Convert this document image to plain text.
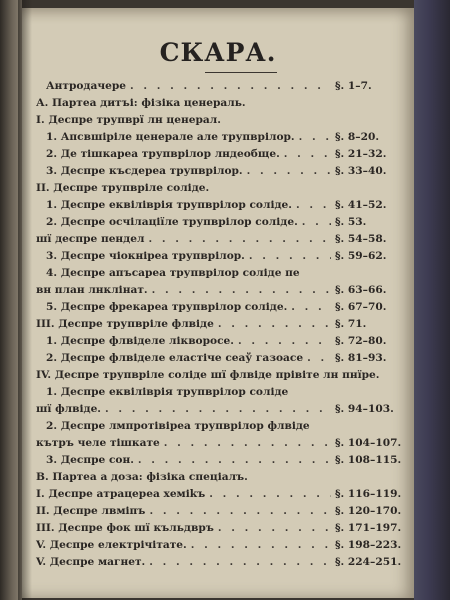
СКАРА.
Антродачере . . .	§. 1–7.
А. Партеа дитъі: фізіка ценераль.
I. Деспре трупврї лн ценерал.
1. Апсвшіріле ценерале але трупврілор. . . .	§. 8–20.
2. Де тішкареа трупврілор лндеобще. . . .	§. 21–32.
3. Деспре късдереа трупврілор. . . .	§. 33–40.
II. Деспре трупвріле соліде.
1. Деспре еквіліврія трупврілор соліде. . . .	§. 41–52.
2. Деспре осчілаціїле трупврілор соліде. . . .	§. 53.
шї деспре пендел . . .	§. 54–58.
3. Деспре чіокніреа трупврілор. . . .	§. 59–62.
4. Деспре апъсареа трупврілор соліде пе
вн план лнклінат. . . .	§. 63–66.
5. Деспре фрекареа трупврілор соліде. . . .	§. 67–70.
III. Деспре трупвріле флвіде . . .	§. 71.
1. Деспре флвіделе лікворосе. . . .	§. 72–80.
2. Деспре флвіделе еластіче сеаў газоасе . . .	§. 81–93.
IV. Деспре трупвріле соліде шї флвіде прівіте лн пнїре.
1. Деспре еквіліврія трупврілор соліде
шї флвіде. . . .	§. 94–103.
2. Деспре лмпротівіреа трупврілор флвіде
кътръ челе тішкате . . .	§. 104–107.
3. Деспре сон. . . .	§. 108–115.
В. Партеа а доза: фізіка спеціалъ.
I. Деспре атрацереа хеміkъ . . .	§. 116–119.
II. Деспре лвміпъ . . .	§. 120–170.
III. Деспре фок шї къльдвръ . . .	§. 171–197.
V. Деспре електрічітате. . . .	§. 198–223.
V. Деспре магнет. . . .	§. 224–251.
